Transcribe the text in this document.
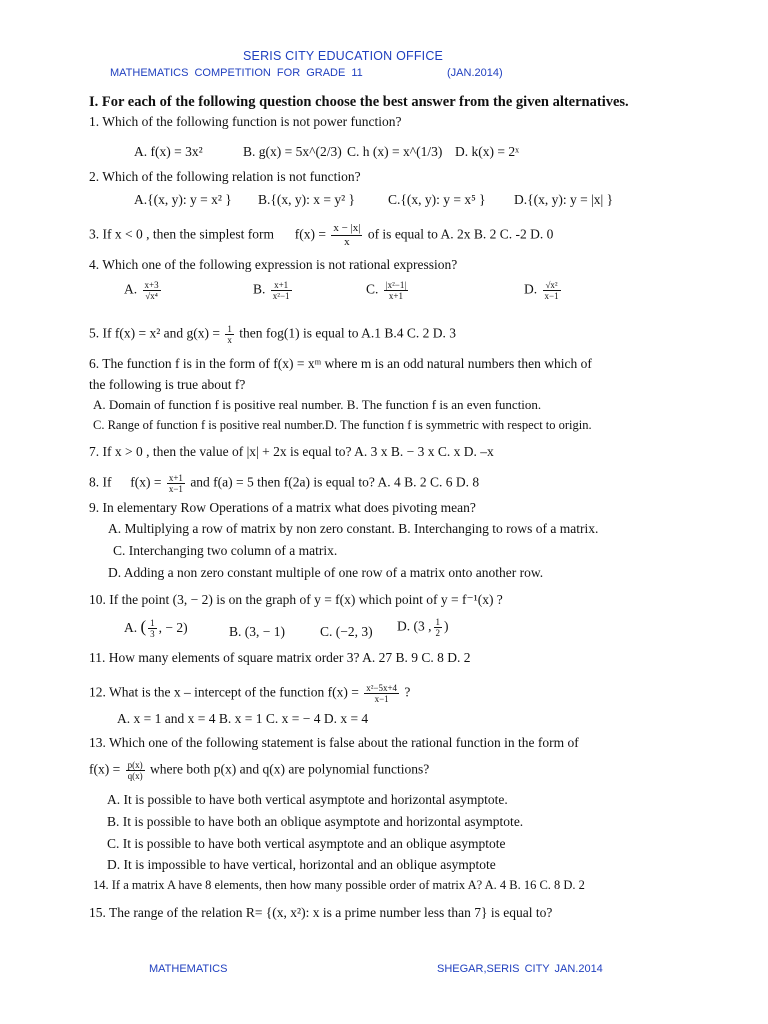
SERIS CITY EDUCATION OFFICE
MATHEMATICS COMPETITION FOR GRADE 11	(JAN.2014)
I. For each of the following question choose the best answer from the given alternatives.
1. Which of the following function is not power function?
A. f(x) = 3x²	B. g(x) = 5x^(2/3) C. h (x) = x^(1/3) D. k(x) = 2ˣ
2. Which of the following relation is not function?
A.{(x, y): y = x² } B.{(x, y): x = y² } C.{(x, y): y = x⁵ } D.{(x, y): y = |x| }
3. If x < 0 , then the simplest form $f(x) = \frac{x - |x|}{x}$ of is equal to A. 2x B. 2 C. -2 D. 0
4. Which one of the following expression is not rational expression?
A. $\frac{x+3}{\text{√x⁴}}$	B. $\frac{x+1}{\text{x²−1}}$	C. $\frac{\text{|x²−1|}}{x+1}$	D. $\frac{\text{√x²}}{x-1}$
5. If f(x) = x² and $g(x) = \frac{1}{x}$ then fog(1) is equal to A.1 B.4 C. 2 D. 3
6. The function f is in the form of f(x) = xᵐ where m is an odd natural numbers then which of
the following is true about f?
A. Domain of function f is positive real number. B. The function f is an even function.
C. Range of function f is positive real number.D. The function f is symmetric with respect to origin.
7. If x > 0 , then the value of |x| + 2x is equal to? A. 3 x B. − 3 x C. x D. –x
8. If $f(x) = \frac{x+1}{x-1}$ and f(a) = 5 then f(2a) is equal to? A. 4 B. 2 C. 6 D. 8
9. In elementary Row Operations of a matrix what does pivoting mean?
A. Multiplying a row of matrix by non zero constant. B. Interchanging to rows of a matrix.
C. Interchanging two column of a matrix.
D. Adding a non zero constant multiple of one row of a matrix onto another row.
10. If the point (3, − 2) is on the graph of y = f(x) which point of y = f⁻¹(x) ?
A. ( $\frac{1}{3}$ , − 2)	B. (3, − 1)	C. (−2, 3) D. (3 , $\frac{1}{2}$ )
11. How many elements of square matrix order 3? A. 27 B. 9 C. 8 D. 2
12. What is the x – intercept of the function $f(x) = \frac{\text{x²−5x+4}}{x-1}$ ?
A. x = 1 and x = 4 B. x = 1 C. x = − 4 D. x = 4
13. Which one of the following statement is false about the rational function in the form of
$f(x) = \frac{p(x)}{q(x)}$ where both p(x) and q(x) are polynomial functions?
A. It is possible to have both vertical asymptote and horizontal asymptote.
B. It is possible to have both an oblique asymptote and horizontal asymptote.
C. It is possible to have both vertical asymptote and an oblique asymptote
D. It is impossible to have vertical, horizontal and an oblique asymptote
14. If a matrix A have 8 elements, then how many possible order of matrix A? A. 4 B. 16 C. 8 D. 2
15. The range of the relation R= {(x, x²): x is a prime number less than 7} is equal to?
MATHEMATICS	SHEGAR,SERIS CITY JAN.2014
